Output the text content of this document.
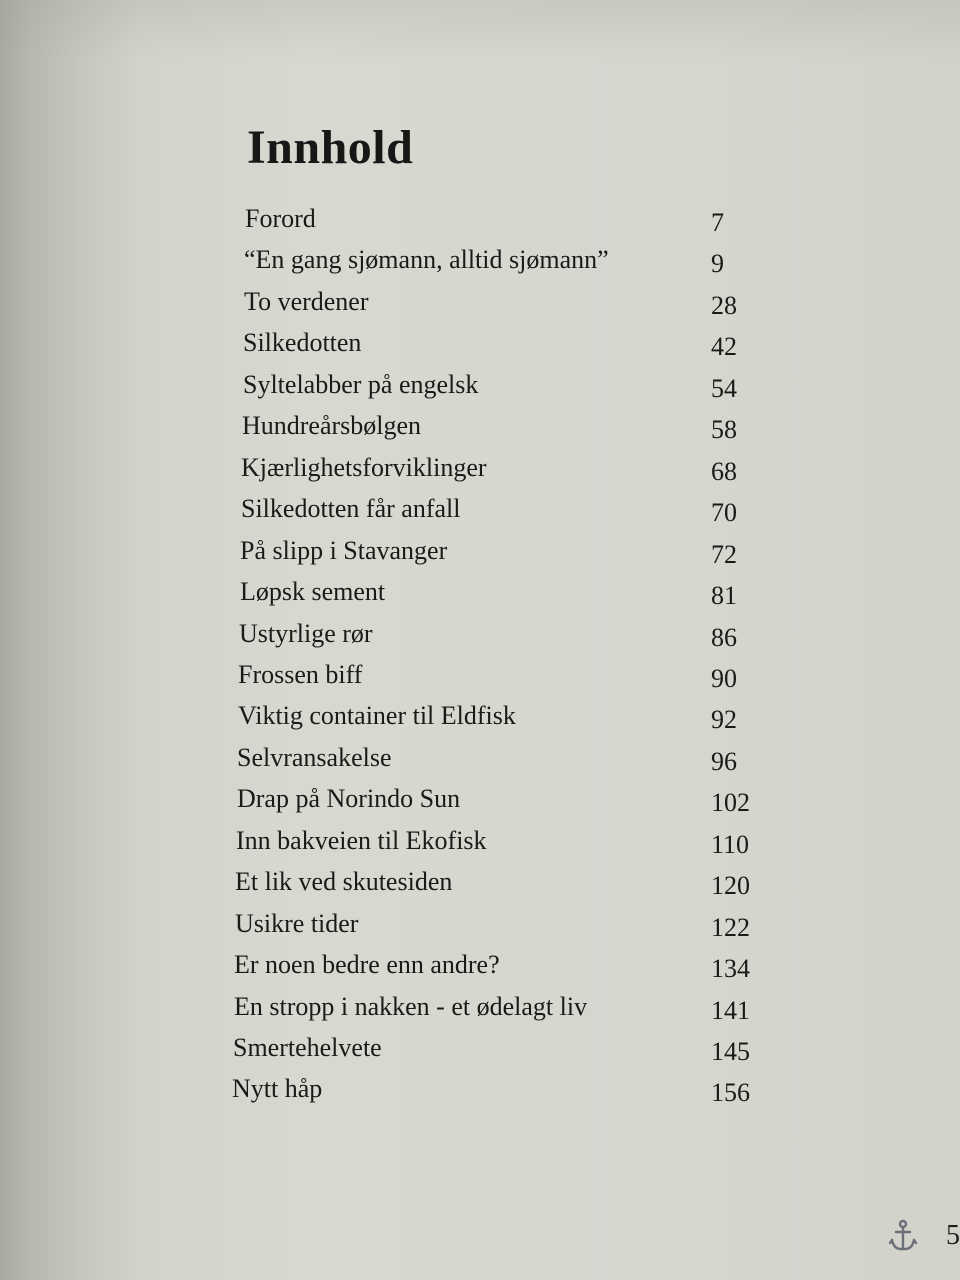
Innhold
Forord	7
“En gang sjømann, alltid sjømann”	9
To verdener	28
Silkedotten	42
Syltelabber på engelsk	54
Hundreårsbølgen	58
Kjærlighetsforviklinger	68
Silkedotten får anfall	70
På slipp i Stavanger	72
Løpsk sement	81
Ustyrlige rør	86
Frossen biff	90
Viktig container til Eldfisk	92
Selvransakelse	96
Drap på Norindo Sun	102
Inn bakveien til Ekofisk	110
Et lik ved skutesiden	120
Usikre tider	122
Er noen bedre enn andre?	134
En stropp i nakken - et ødelagt liv	141
Smertehelvete	145
Nytt håp	156
5
